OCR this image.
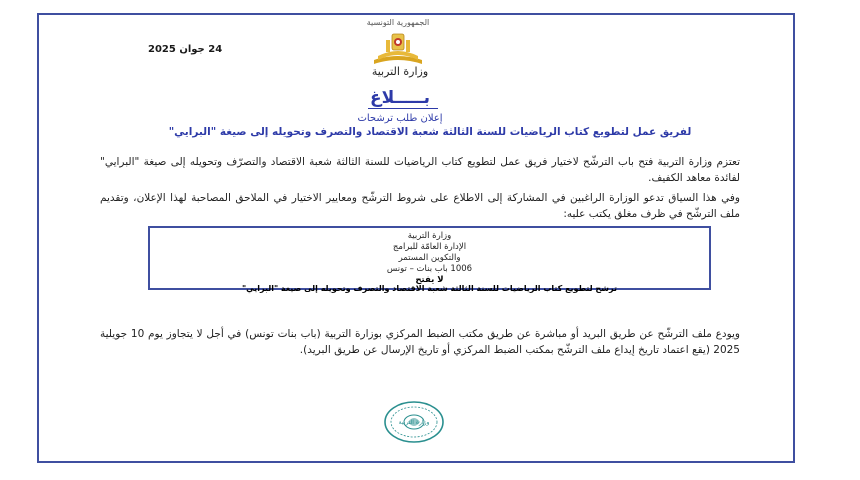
الجمهورية التونسية
وزارة التربية
24 جوان 2025
بـــــلاغ
إعلان طلب ترشحات
لفريق عمل لتطويع كتاب الرياضيات للسنة الثالثة شعبة الاقتصاد والتصرف وتحويله إلى صيغة "البرايي"
تعتزم وزارة التربية فتح باب الترشّح لاختيار فريق عمل لتطويع كتاب الرياضيات للسنة الثالثة شعبة الاقتصاد والتصرّف وتحويله إلى صيغة "البرايي" لفائدة معاهد الكفيف.
وفي هذا السياق تدعو الوزارة الراغبين في المشاركة إلى الاطلاع على شروط الترشّح ومعايير الاختيار في الملاحق المصاحبة لهذا الإعلان، وتقديم ملف الترشّح في ظرف مغلق يكتب عليه:
وزارة التربية
الإدارة العامّة للبرامج
والتكوين المستمر
1006 باب بنات – تونس
لا يفتح
ترشح لتطويع كتاب الرياضيات للسنة الثالثة شعبة الاقتصاد والتصرف وتحويله إلى صيغة "البرايي"
ويودع ملف الترشّح عن طريق البريد أو مباشرة عن طريق مكتب الضبط المركزي بوزارة التربية (باب بنات تونس) في أجل لا يتجاوز يوم 10 جويلية 2025 (يقع اعتماد تاريخ إيداع ملف الترشّح بمكتب الضبط المركزي أو تاريخ الإرسال عن طريق البريد).
وزارة التربية
